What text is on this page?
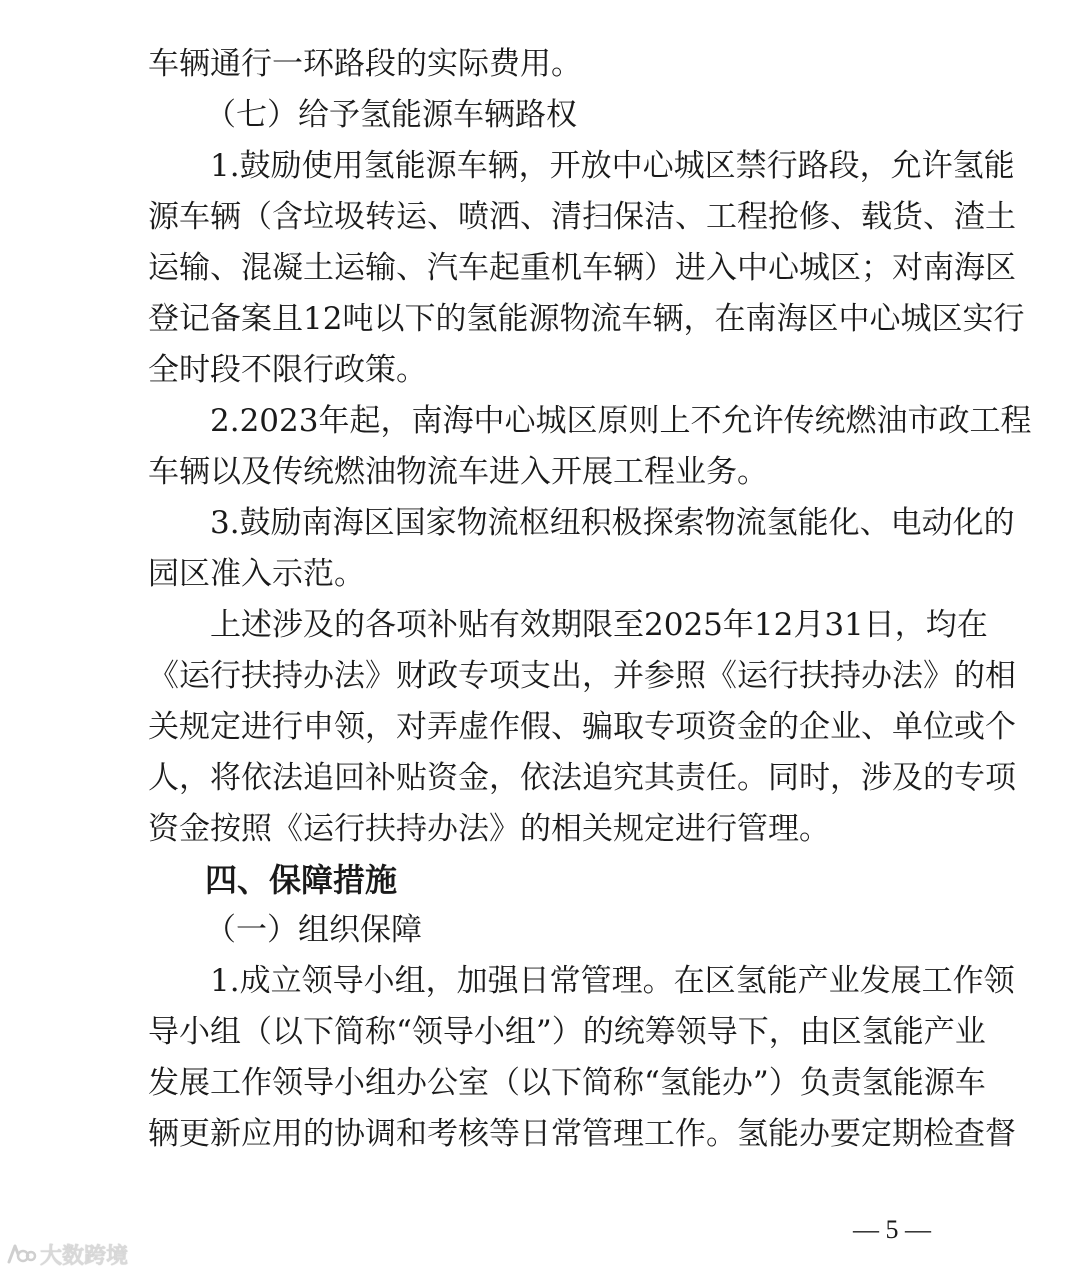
车辆通行一环路段的实际费用。
（七）给予氢能源车辆路权
1.鼓励使用氢能源车辆，开放中心城区禁行路段，允许氢能
源车辆（含垃圾转运、喷洒、清扫保洁、工程抢修、载货、渣土
运输、混凝土运输、汽车起重机车辆）进入中心城区；对南海区
登记备案且12吨以下的氢能源物流车辆，在南海区中心城区实行
全时段不限行政策。
2.2023年起，南海中心城区原则上不允许传统燃油市政工程
车辆以及传统燃油物流车进入开展工程业务。
3.鼓励南海区国家物流枢纽积极探索物流氢能化、电动化的
园区准入示范。
上述涉及的各项补贴有效期限至2025年12月31日，均在
《运行扶持办法》财政专项支出，并参照《运行扶持办法》的相
关规定进行申领，对弄虚作假、骗取专项资金的企业、单位或个
人，将依法追回补贴资金，依法追究其责任。同时，涉及的专项
资金按照《运行扶持办法》的相关规定进行管理。
四、保障措施
（一）组织保障
1.成立领导小组，加强日常管理。在区氢能产业发展工作领
导小组（以下简称“领导小组”）的统筹领导下，由区氢能产业
发展工作领导小组办公室（以下简称“氢能办”）负责氢能源车
辆更新应用的协调和考核等日常管理工作。氢能办要定期检查督
— 5 —
大数跨境
